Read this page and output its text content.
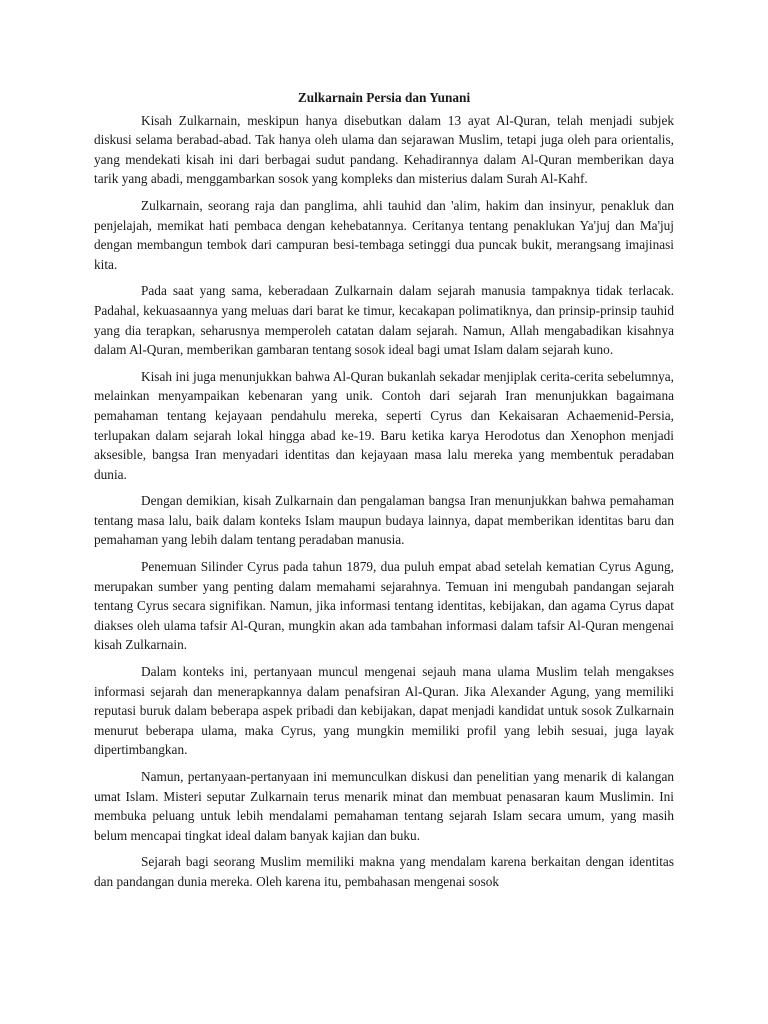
Zulkarnain Persia dan Yunani

Kisah Zulkarnain, meskipun hanya disebutkan dalam 13 ayat Al-Quran, telah menjadi subjek diskusi selama berabad-abad. Tak hanya oleh ulama dan sejarawan Muslim, tetapi juga oleh para orientalis, yang mendekati kisah ini dari berbagai sudut pandang. Kehadirannya dalam Al-Quran memberikan daya tarik yang abadi, menggambarkan sosok yang kompleks dan misterius dalam Surah Al-Kahf.

Zulkarnain, seorang raja dan panglima, ahli tauhid dan 'alim, hakim dan insinyur, penakluk dan penjelajah, memikat hati pembaca dengan kehebatannya. Ceritanya tentang penaklukan Ya'juj dan Ma'juj dengan membangun tembok dari campuran besi-tembaga setinggi dua puncak bukit, merangsang imajinasi kita.

Pada saat yang sama, keberadaan Zulkarnain dalam sejarah manusia tampaknya tidak terlacak. Padahal, kekuasaannya yang meluas dari barat ke timur, kecakapan polimatiknya, dan prinsip-prinsip tauhid yang dia terapkan, seharusnya memperoleh catatan dalam sejarah. Namun, Allah mengabadikan kisahnya dalam Al-Quran, memberikan gambaran tentang sosok ideal bagi umat Islam dalam sejarah kuno.

Kisah ini juga menunjukkan bahwa Al-Quran bukanlah sekadar menjiplak cerita-cerita sebelumnya, melainkan menyampaikan kebenaran yang unik. Contoh dari sejarah Iran menunjukkan bagaimana pemahaman tentang kejayaan pendahulu mereka, seperti Cyrus dan Kekaisaran Achaemenid-Persia, terlupakan dalam sejarah lokal hingga abad ke-19. Baru ketika karya Herodotus dan Xenophon menjadi aksesible, bangsa Iran menyadari identitas dan kejayaan masa lalu mereka yang membentuk peradaban dunia.

Dengan demikian, kisah Zulkarnain dan pengalaman bangsa Iran menunjukkan bahwa pemahaman tentang masa lalu, baik dalam konteks Islam maupun budaya lainnya, dapat memberikan identitas baru dan pemahaman yang lebih dalam tentang peradaban manusia.

Penemuan Silinder Cyrus pada tahun 1879, dua puluh empat abad setelah kematian Cyrus Agung, merupakan sumber yang penting dalam memahami sejarahnya. Temuan ini mengubah pandangan sejarah tentang Cyrus secara signifikan. Namun, jika informasi tentang identitas, kebijakan, dan agama Cyrus dapat diakses oleh ulama tafsir Al-Quran, mungkin akan ada tambahan informasi dalam tafsir Al-Quran mengenai kisah Zulkarnain.

Dalam konteks ini, pertanyaan muncul mengenai sejauh mana ulama Muslim telah mengakses informasi sejarah dan menerapkannya dalam penafsiran Al-Quran. Jika Alexander Agung, yang memiliki reputasi buruk dalam beberapa aspek pribadi dan kebijakan, dapat menjadi kandidat untuk sosok Zulkarnain menurut beberapa ulama, maka Cyrus, yang mungkin memiliki profil yang lebih sesuai, juga layak dipertimbangkan.

Namun, pertanyaan-pertanyaan ini memunculkan diskusi dan penelitian yang menarik di kalangan umat Islam. Misteri seputar Zulkarnain terus menarik minat dan membuat penasaran kaum Muslimin. Ini membuka peluang untuk lebih mendalami pemahaman tentang sejarah Islam secara umum, yang masih belum mencapai tingkat ideal dalam banyak kajian dan buku.

Sejarah bagi seorang Muslim memiliki makna yang mendalam karena berkaitan dengan identitas dan pandangan dunia mereka. Oleh karena itu, pembahasan mengenai sosok
